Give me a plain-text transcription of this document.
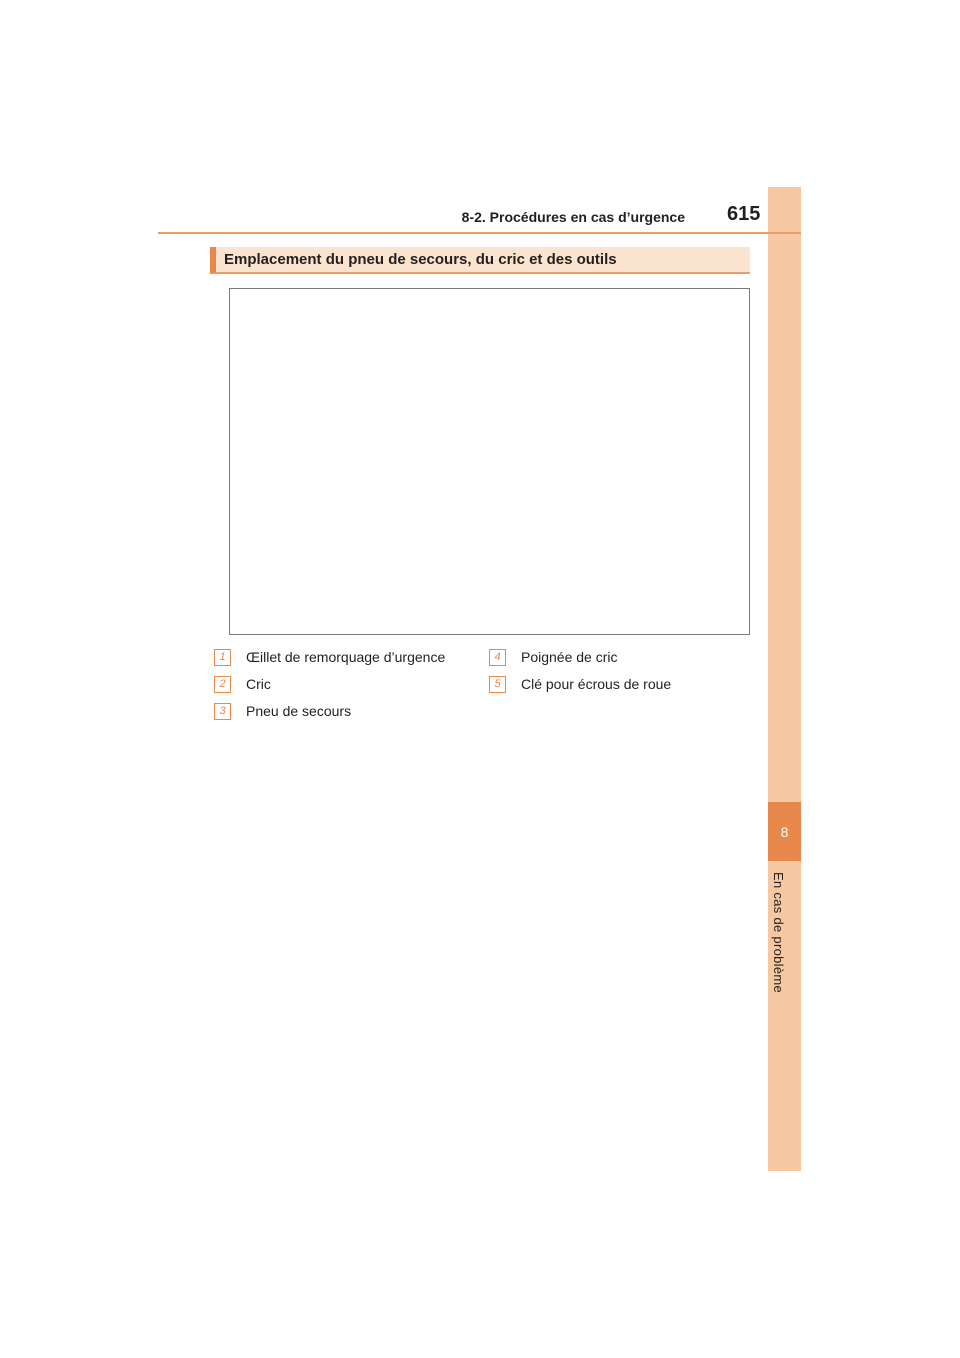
8
En cas de problème
8-2. Procédures en cas d’urgence 615
Emplacement du pneu de secours, du cric et des outils
1	Œillet de remorquage d’urgence
2	Cric
3	Pneu de secours
4	Poignée de cric
5	Clé pour écrous de roue
